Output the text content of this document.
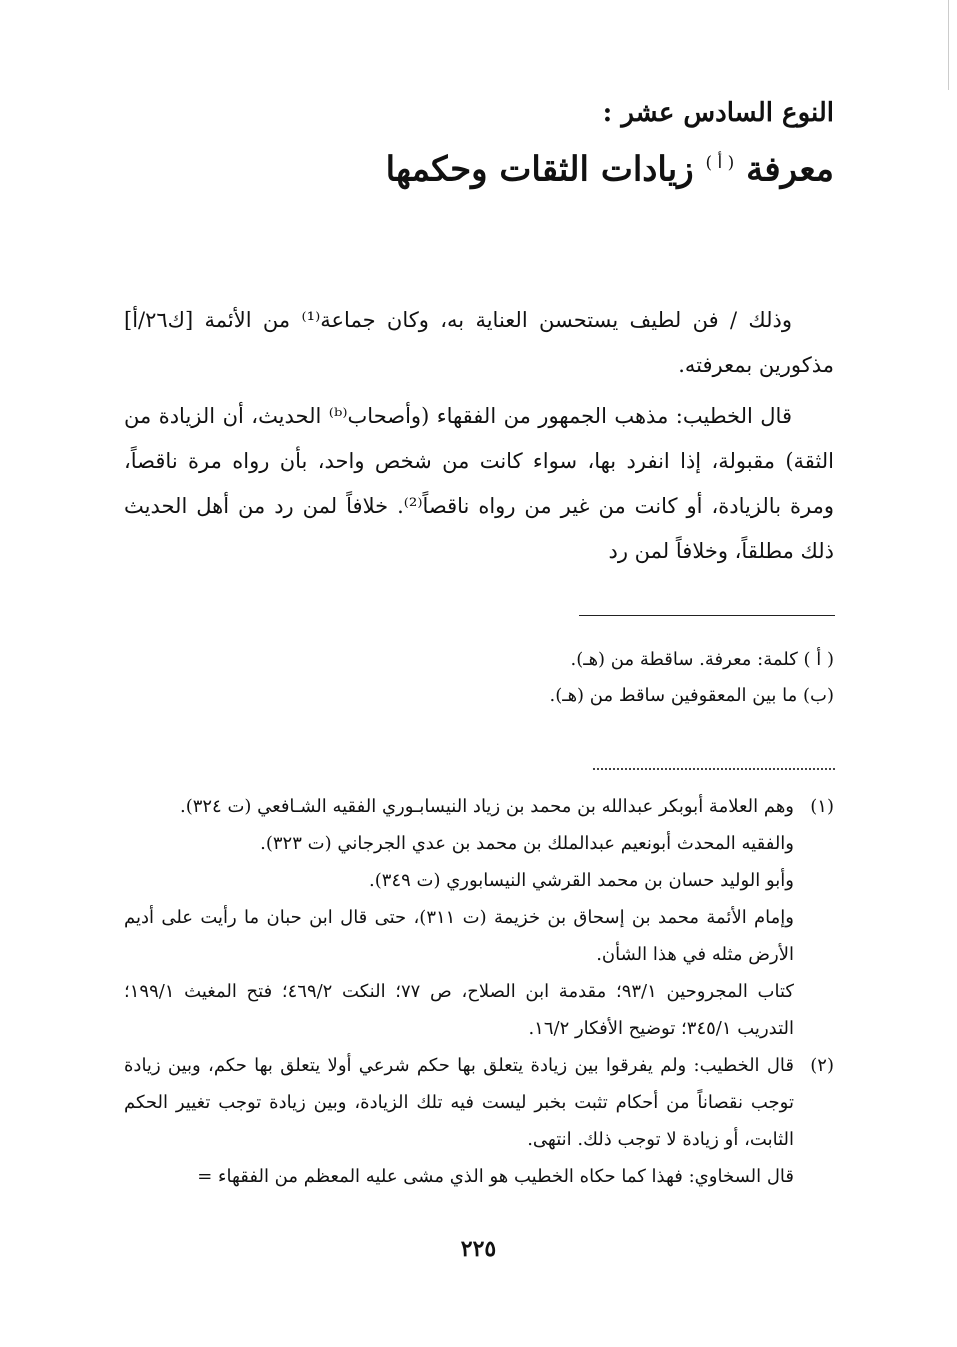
النوع السادس عشر :

معرفة $^{( أ )}$ زيادات الثقات وحكمها

وذلك / فن لطيف يستحسن العناية به، وكان جماعة⁽¹⁾ من الأئمة [ك٢٦/أ] مذكورين بمعرفته.

قال الخطيب: مذهب الجمهور من الفقهاء (وأصحاب⁽ᵇ⁾ الحديث، أن الزيادة من الثقة) مقبولة، إذا انفرد بها، سواء كانت من شخص واحد، بأن رواه مرة ناقصاً، ومرة بالزيادة، أو كانت من غير من رواه ناقصاً⁽²⁾. خلافاً لمن رد من أهل الحديث ذلك مطلقاً، وخلافاً لمن رد

( أ ) كلمة: معرفة. ساقطة من (هـ).

(ب) ما بين المعقوفين ساقط من (هـ).

(١)

وهم العلامة أبوبكر عبدالله بن محمد بن زياد النيسابـوري الفقيه الشـافعي (ت ٣٢٤).

والفقيه المحدث أبونعيم عبدالملك بن محمد بن عدي الجرجاني (ت ٣٢٣).

وأبو الوليد حسان بن محمد القرشي النيسابوري (ت ٣٤٩).

وإمام الأئمة محمد بن إسحاق بن خزيمة (ت ٣١١)، حتى قال ابن حبان ما رأيت على أديم الأرض مثله في هذا الشأن.

كتاب المجروحين ٩٣/١؛ مقدمة ابن الصلاح، ص ٧٧؛ النكت ٤٦٩/٢؛ فتح المغيث ١٩٩/١؛ التدريب ٣٤٥/١؛ توضيح الأفكار ١٦/٢.

(٢)

قال الخطيب: ولم يفرقوا بين زيادة يتعلق بها حكم شرعي أولا يتعلق بها حكم، وبين زيادة توجب نقصاناً من أحكام تثبت بخبر ليست فيه تلك الزيادة، وبين زيادة توجب تغيير الحكم الثابت، أو زيادة لا توجب ذلك. انتهى.

قال السخاوي: فهذا كما حكاه الخطيب هو الذي مشى عليه المعظم من الفقهاء =

٢٢٥
